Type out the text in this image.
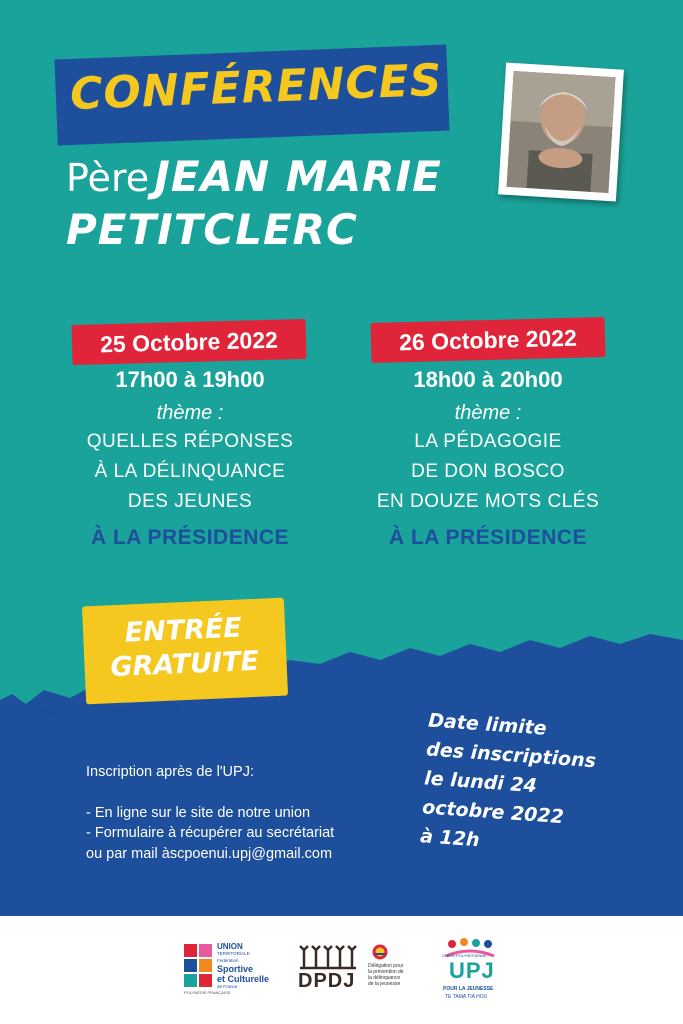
CONFÉRENCES
Père JEAN MARIE
PETITCLERC
25 Octobre 2022
17h00 à 19h00
thème :
QUELLES RÉPONSES
À LA DÉLINQUANCE
DES JEUNES
À LA PRÉSIDENCE
26 Octobre 2022
18h00 à 20h00
thème :
LA PÉDAGOGIE
DE DON BOSCO
EN DOUZE MOTS CLÉS
À LA PRÉSIDENCE
ENTRÉE
GRATUITE
Inscription après de l'UPJ:
- En ligne sur le site de notre union
- Formulaire à récupérer au secrétariat
ou par mail àscpoenui.upj@gmail.com
Date limite
des inscriptions
le lundi 24
octobre 2022
à 12h
UNION
TERRITORIALE
Fédération
Sportive
et Culturelle
de France
POLYNÉSIE FRANÇAISE
DPDJ
Délégation pour
la prévention de
la délinquance
de la jeunesse
UNION POLYNÉSIENNE
UPJ
POUR LA JEUNESSE
TE TAMA TIA HOU
